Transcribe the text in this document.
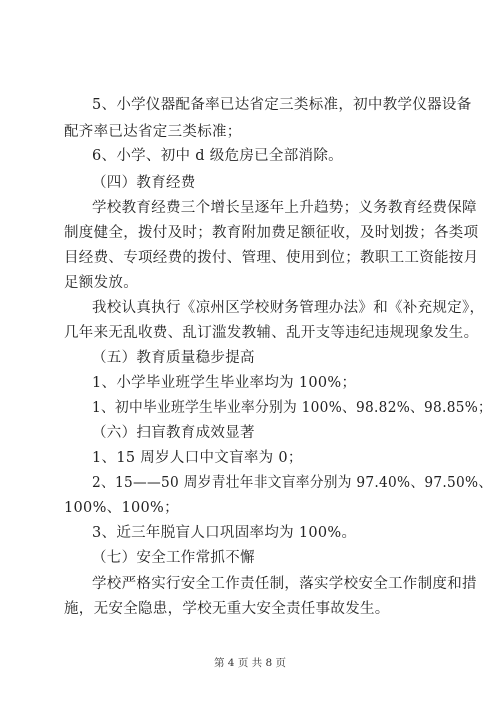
5、小学仪器配备率已达省定三类标准，初中教学仪器设备
配齐率已达省定三类标准；
6、小学、初中 d 级危房已全部消除。
（四）教育经费
学校教育经费三个增长呈逐年上升趋势；义务教育经费保障
制度健全，拨付及时；教育附加费足额征收，及时划拨；各类项
目经费、专项经费的拨付、管理、使用到位；教职工工资能按月
足额发放。
我校认真执行《凉州区学校财务管理办法》和《补充规定》，
几年来无乱收费、乱订滥发教辅、乱开支等违纪违规现象发生。
（五）教育质量稳步提高
1、小学毕业班学生毕业率均为 100%；
1、初中毕业班学生毕业率分别为 100%、98.82%、98.85%；
（六）扫盲教育成效显著
1、15 周岁人口中文盲率为 0；
2、15——50 周岁青壮年非文盲率分别为 97.40%、97.50%、
100%、100%；
3、近三年脱盲人口巩固率均为 100%。
（七）安全工作常抓不懈
学校严格实行安全工作责任制，落实学校安全工作制度和措
施，无安全隐患，学校无重大安全责任事故发生。
第 4 页 共 8 页
